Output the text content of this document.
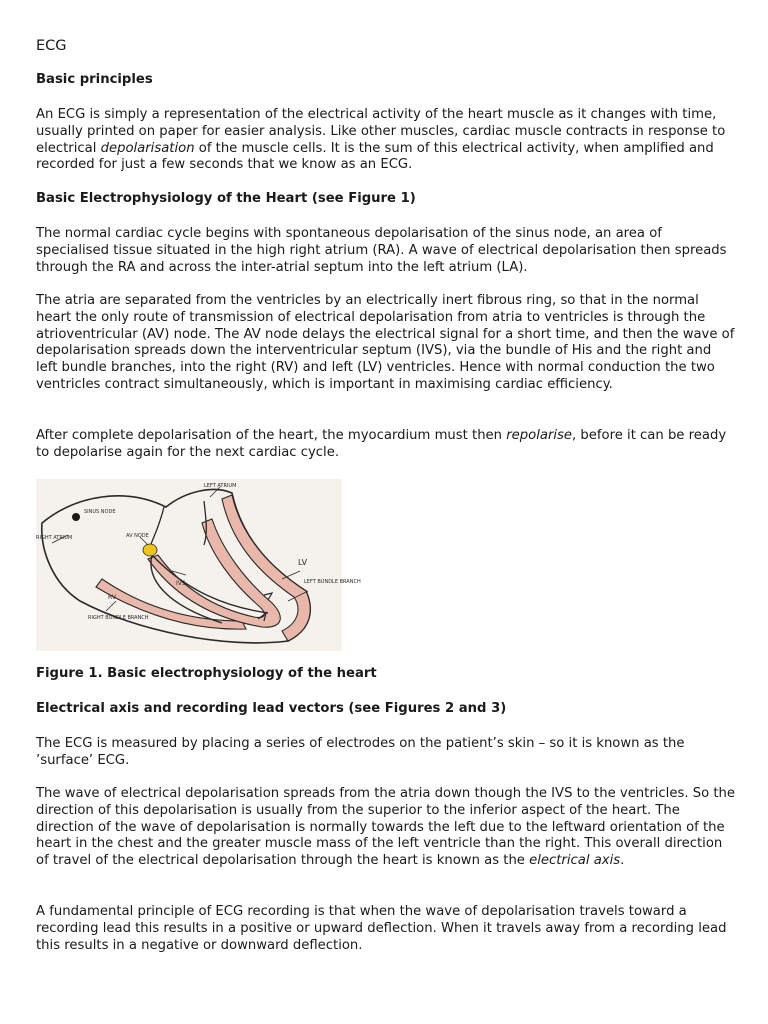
ECG

Basic principles

An ECG is simply a representation of the electrical activity of the heart muscle as it changes with time, usually printed on paper for easier analysis. Like other muscles, cardiac muscle contracts in response to electrical depolarisation of the muscle cells. It is the sum of this electrical activity, when amplified and recorded for just a few seconds that we know as an ECG.

Basic Electrophysiology of the Heart (see Figure 1)

The normal cardiac cycle begins with spontaneous depolarisation of the sinus node, an area of specialised tissue situated in the high right atrium (RA). A wave of electrical depolarisation then spreads through the RA and across the inter-atrial septum into the left atrium (LA).

The atria are separated from the ventricles by an electrically inert fibrous ring, so that in the normal heart the only route of transmission of electrical depolarisation from atria to ventricles is through the atrioventricular (AV) node. The AV node delays the electrical signal for a short time, and then the wave of depolarisation spreads down the interventricular septum (IVS), via the bundle of His and the right and left bundle branches, into the right (RV) and left (LV) ventricles. Hence with normal conduction the two ventricles contract simultaneously, which is important in maximising cardiac efficiency.

After complete depolarisation of the heart, the myocardium must then repolarise, before it can be ready to depolarise again for the next cardiac cycle.

LEFT ATRIUM
SINUS NODE
RIGHT ATRIUM	AV NODE
LV
LEFT BUNDLE BRANCH
IVS
RV
RIGHT BUNDLE BRANCH

Figure 1. Basic electrophysiology of the heart

Electrical axis and recording lead vectors (see Figures 2 and 3)

The ECG is measured by placing a series of electrodes on the patient’s skin – so it is known as the ’surface’ ECG.

The wave of electrical depolarisation spreads from the atria down though the IVS to the ventricles. So the direction of this depolarisation is usually from the superior to the inferior aspect of the heart. The direction of the wave of depolarisation is normally towards the left due to the leftward orientation of the heart in the chest and the greater muscle mass of the left ventricle than the right. This overall direction of travel of the electrical depolarisation through the heart is known as the electrical axis.

A fundamental principle of ECG recording is that when the wave of depolarisation travels toward a recording lead this results in a positive or upward deflection. When it travels away from a recording lead this results in a negative or downward deflection.
